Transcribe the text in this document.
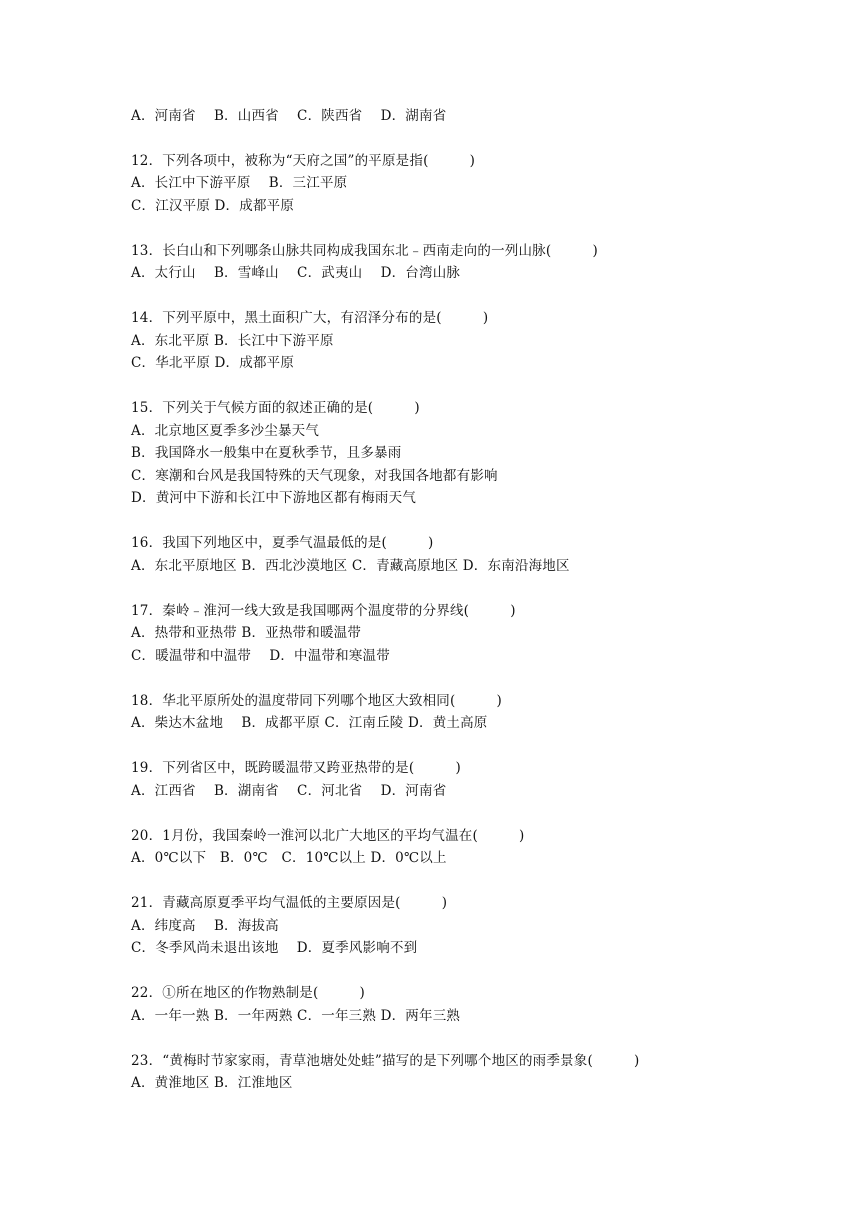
A．河南省　 B．山西省　 C．陕西省　 D．湖南省
12．下列各项中，被称为“天府之国”的平原是指(　　　)
A．长江中下游平原　 B．三江平原
C．江汉平原 D．成都平原
13．长白山和下列哪条山脉共同构成我国东北﹣西南走向的一列山脉(　　　)
A．太行山　 B．雪峰山　 C．武夷山　 D．台湾山脉
14．下列平原中，黑土面积广大，有沼泽分布的是(　　　)
A．东北平原 B．长江中下游平原
C．华北平原 D．成都平原
15．下列关于气候方面的叙述正确的是(　　　)
A．北京地区夏季多沙尘暴天气
B．我国降水一般集中在夏秋季节，且多暴雨
C．寒潮和台风是我国特殊的天气现象，对我国各地都有影响
D．黄河中下游和长江中下游地区都有梅雨天气
16．我国下列地区中，夏季气温最低的是(　　　)
A．东北平原地区 B．西北沙漠地区 C．青藏高原地区 D．东南沿海地区
17．秦岭﹣淮河一线大致是我国哪两个温度带的分界线(　　　)
A．热带和亚热带 B．亚热带和暖温带
C．暖温带和中温带　 D．中温带和寒温带
18．华北平原所处的温度带同下列哪个地区大致相同(　　　)
A．柴达木盆地　 B．成都平原 C．江南丘陵 D．黄土高原
19．下列省区中，既跨暖温带又跨亚热带的是(　　　)
A．江西省　 B．湖南省　 C．河北省　 D．河南省
20．1月份，我国秦岭一淮河以北广大地区的平均气温在(　　　)
A．0℃以下　B．0℃　C．10℃以上 D．0℃以上
21．青藏高原夏季平均气温低的主要原因是(　　　)
A．纬度高　 B．海拔高
C．冬季风尚未退出该地　 D．夏季风影响不到
22．①所在地区的作物熟制是(　　　)
A．一年一熟 B．一年两熟 C．一年三熟 D．两年三熟
23．“黄梅时节家家雨，青草池塘处处蛙”描写的是下列哪个地区的雨季景象(　　　)
A．黄淮地区 B．江淮地区
